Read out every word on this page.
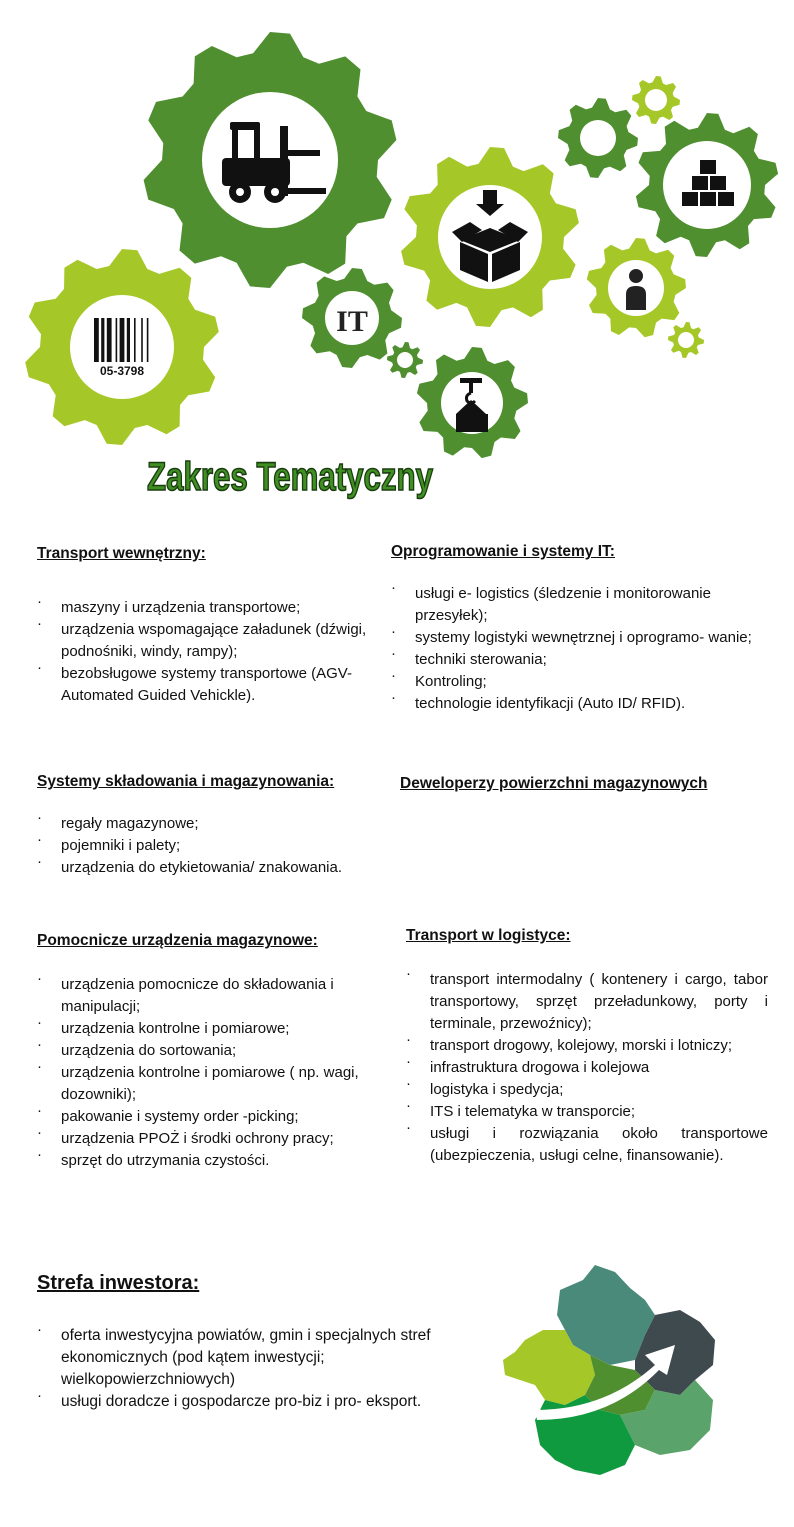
05-3798
IT
Zakres Tematyczny

Transport wewnętrzny:

· maszyny i urządzenia transportowe;
· urządzenia wspomagające załadunek (dźwigi, podnośniki, windy, rampy);
· bezobsługowe systemy transportowe (AGV- Automated Guided Vehickle).

Oprogramowanie i systemy IT:

· usługi e- logistics (śledzenie i monitorowanie przesyłek);
· systemy logistyki wewnętrznej i oprogramo- wanie;
· techniki sterowania;
· Kontroling;
· technologie identyfikacji (Auto ID/ RFID).

Systemy składowania i magazynowania:

· regały magazynowe;
· pojemniki i palety;
· urządzenia do etykietowania/ znakowania.

Deweloperzy powierzchni magazynowych

Pomocnicze urządzenia magazynowe:

· urządzenia pomocnicze do składowania i manipulacji;
· urządzenia kontrolne i pomiarowe;
· urządzenia do sortowania;
· urządzenia kontrolne i pomiarowe ( np. wagi, dozowniki);
· pakowanie i systemy order -picking;
· urządzenia PPOŻ i środki ochrony pracy;
· sprzęt do utrzymania czystości.

Transport w logistyce:

· transport intermodalny ( kontenery i cargo, tabor transportowy, sprzęt przeładunkowy, porty i terminale, przewoźnicy);
· transport drogowy, kolejowy, morski i lotniczy;
· infrastruktura drogowa i kolejowa
· logistyka i spedycja;
· ITS i telematyka w transporcie;
· usługi i rozwiązania około transportowe (ubezpieczenia, usługi celne, finansowanie).

Strefa inwestora:

· oferta inwestycyjna powiatów, gmin i specjalnych stref ekonomicznych (pod kątem inwestycji; wielkopowierzchniowych)
· usługi doradcze i gospodarcze pro-biz i pro- eksport.
